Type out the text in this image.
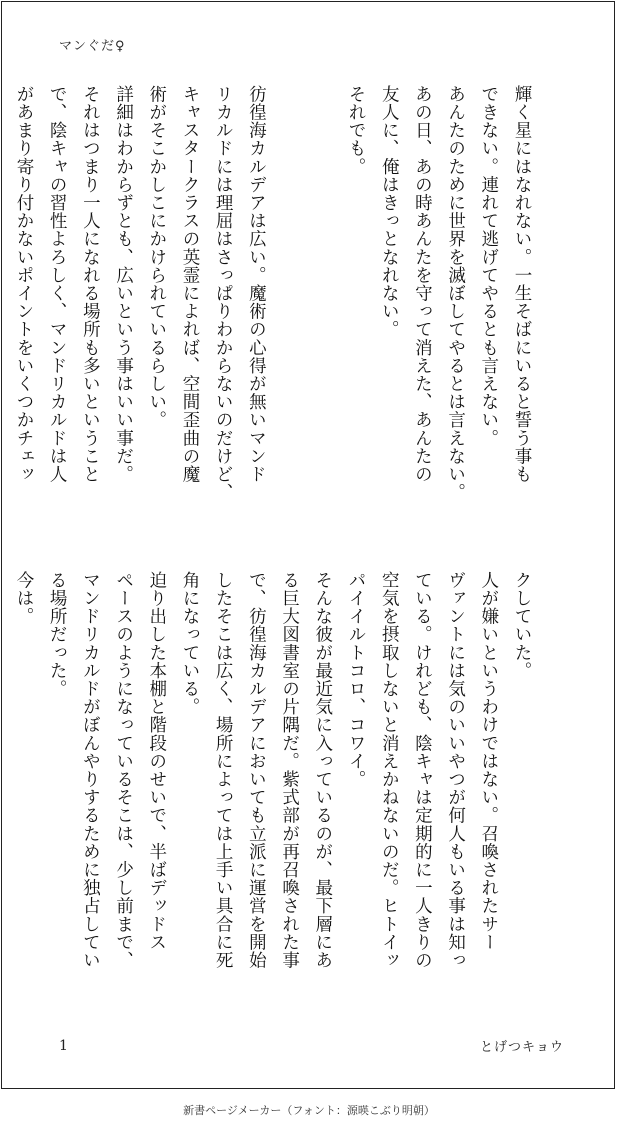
マンぐだ♀
輝く星にはなれない。一生そばにいると誓う事も
できない。連れて逃げてやるとも言えない。
あんたのために世界を滅ぼしてやるとは言えない。
あの日、あの時あんたを守って消えた、あんたの
友人に、俺はきっとなれない。
それでも。

彷徨海カルデアは広い。魔術の心得が無いマンド
リカルドには理屈はさっぱりわからないのだけど、
キャスタークラスの英霊によれば、空間歪曲の魔
術がそこかしこにかけられているらしい。
詳細はわからずとも、広いという事はいい事だ。
それはつまり一人になれる場所も多いということ
で、陰キャの習性よろしく、マンドリカルドは人
があまり寄り付かないポイントをいくつかチェッ
クしていた。
人が嫌いというわけではない。召喚されたサー
ヴァントには気のいいやつが何人もいる事は知っ
ている。けれども、陰キャは定期的に一人きりの
空気を摂取しないと消えかねないのだ。ヒトイッ
パイイルトコロ、コワイ。
そんな彼が最近気に入っているのが、最下層にあ
る巨大図書室の片隅だ。紫式部が再召喚された事
で、彷徨海カルデアにおいても立派に運営を開始
したそこは広く、場所によっては上手い具合に死
角になっている。
迫り出した本棚と階段のせいで、半ばデッドス
ペースのようになっているそこは、少し前まで、
マンドリカルドがぼんやりするために独占してい
る場所だった。
今は。
1	とげつキョウ
新書ページメーカー（フォント：源暎こぶり明朝）
